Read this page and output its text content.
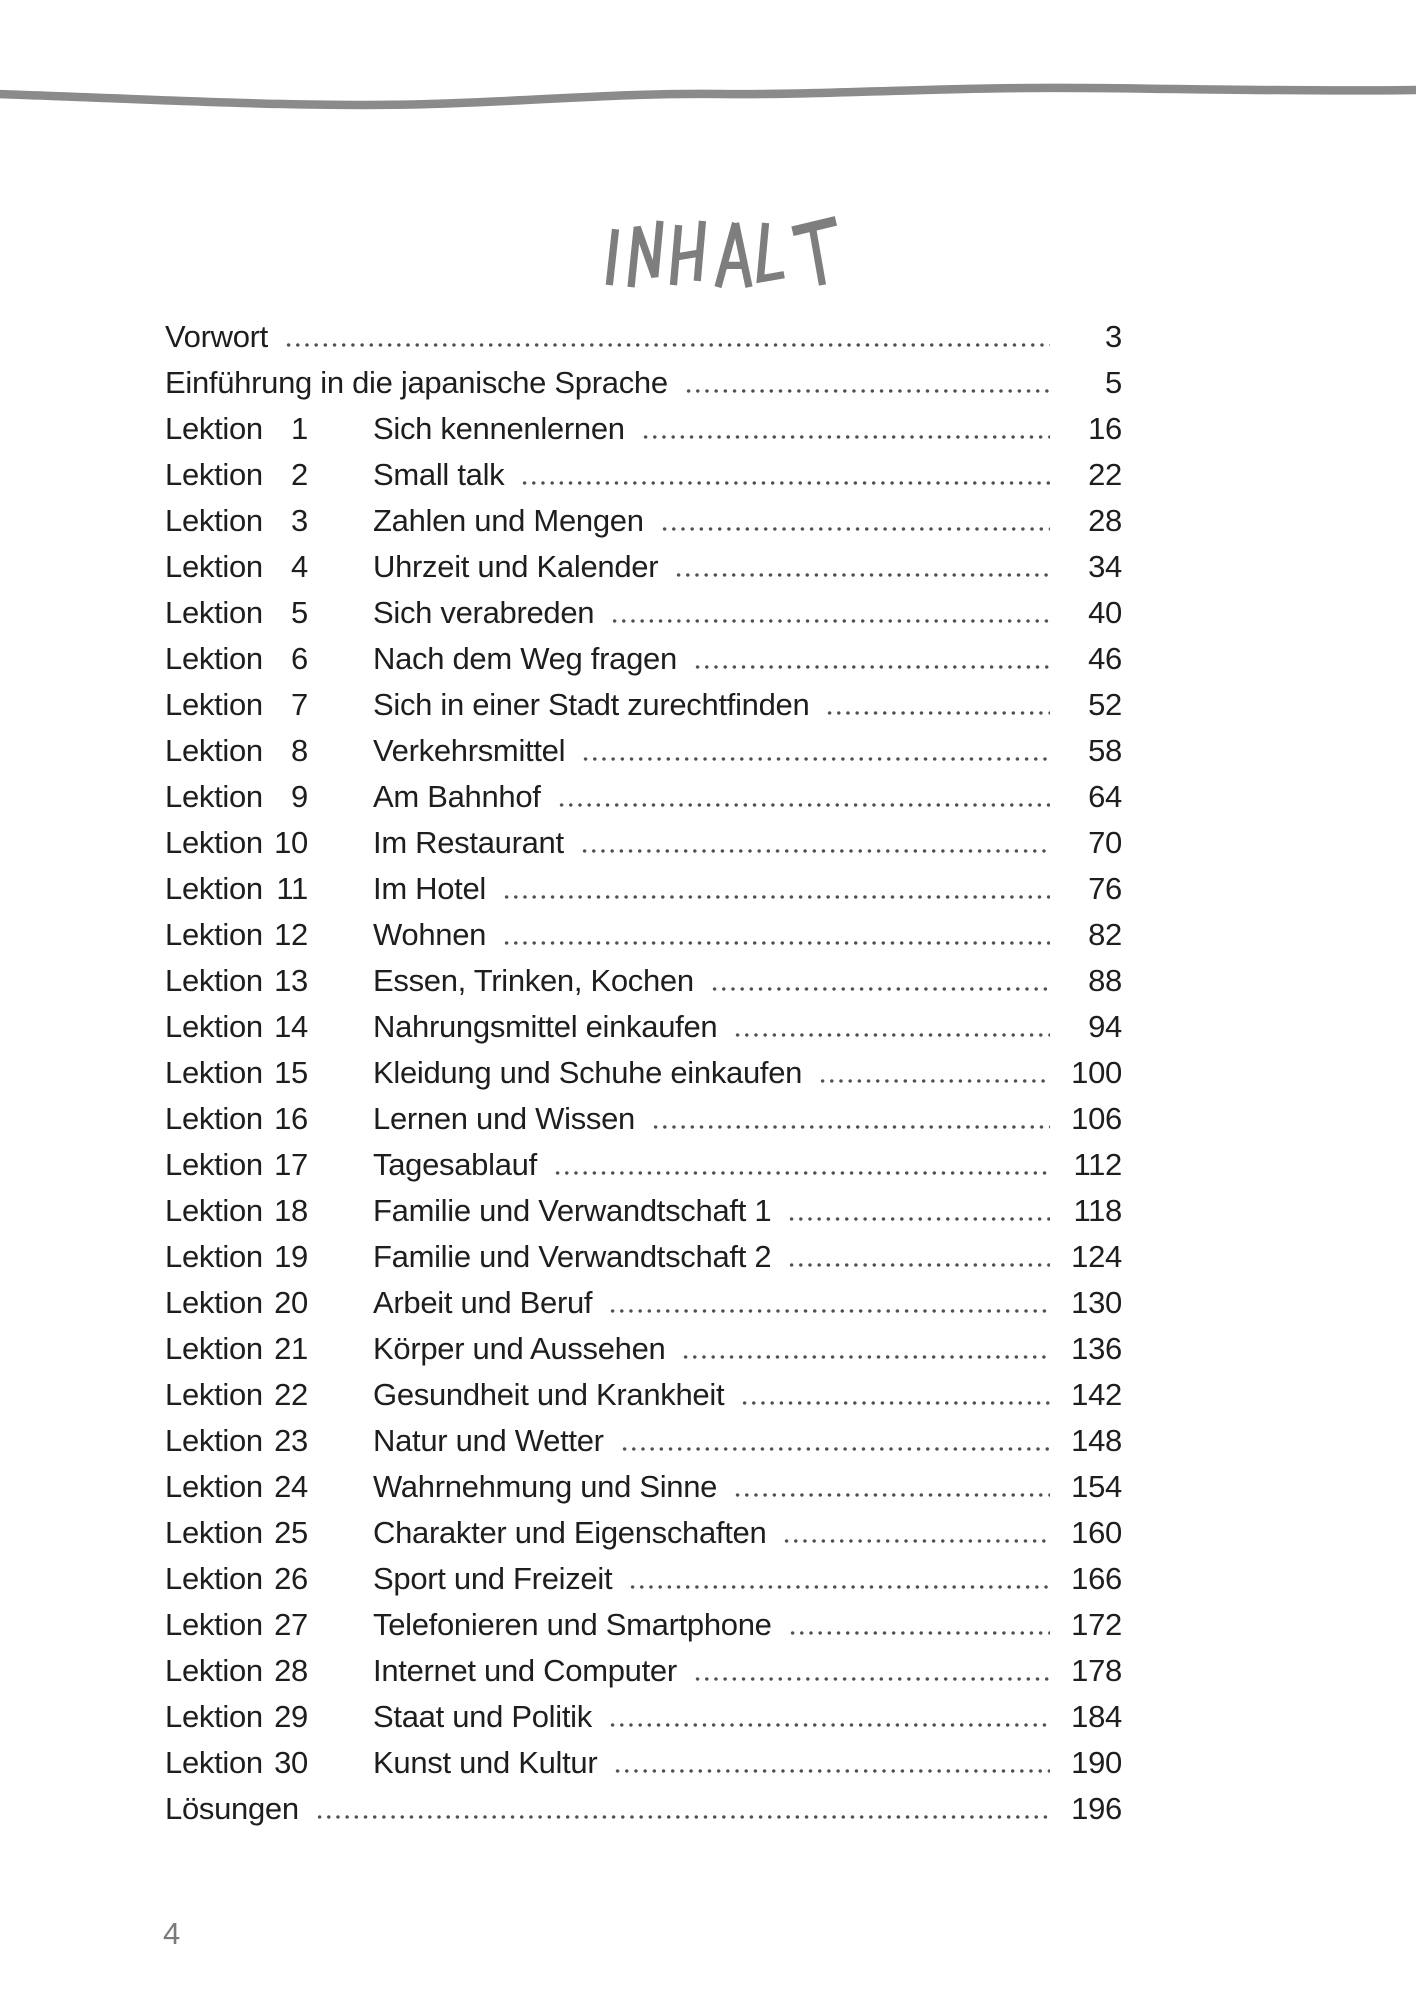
Vorwort	3
Einführung in die japanische Sprache	5
Lektion 1 Sich kennenlernen	16
Lektion 2 Small talk	22
Lektion 3 Zahlen und Mengen	28
Lektion 4 Uhrzeit und Kalender	34
Lektion 5 Sich verabreden	40
Lektion 6 Nach dem Weg fragen	46
Lektion 7 Sich in einer Stadt zurechtfinden	52
Lektion 8 Verkehrsmittel	58
Lektion 9 Am Bahnhof	64
Lektion 10 Im Restaurant	70
Lektion 11 Im Hotel	76
Lektion 12 Wohnen	82
Lektion 13 Essen, Trinken, Kochen	88
Lektion 14 Nahrungsmittel einkaufen	94
Lektion 15 Kleidung und Schuhe einkaufen	100
Lektion 16 Lernen und Wissen	106
Lektion 17 Tagesablauf	112
Lektion 18 Familie und Verwandtschaft 1	118
Lektion 19 Familie und Verwandtschaft 2	124
Lektion 20 Arbeit und Beruf	130
Lektion 21 Körper und Aussehen	136
Lektion 22 Gesundheit und Krankheit	142
Lektion 23 Natur und Wetter	148
Lektion 24 Wahrnehmung und Sinne	154
Lektion 25 Charakter und Eigenschaften	160
Lektion 26 Sport und Freizeit	166
Lektion 27 Telefonieren und Smartphone	172
Lektion 28 Internet und Computer	178
Lektion 29 Staat und Politik	184
Lektion 30 Kunst und Kultur	190
Lösungen	196
4
